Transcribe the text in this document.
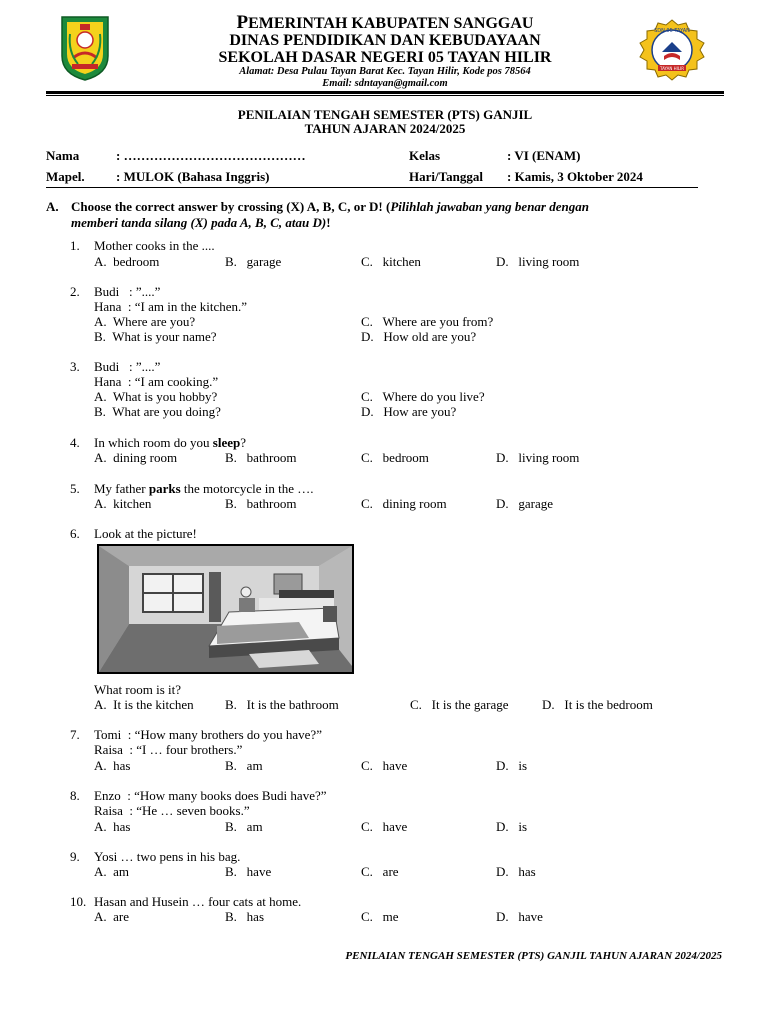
SDN 05 TAYAN
TAYAN HILIR
PEMERINTAH KABUPATEN SANGGAU
DINAS PENDIDIKAN DAN KEBUDAYAAN
SEKOLAH DASAR NEGERI 05 TAYAN HILIR
Alamat: Desa Pulau Tayan Barat Kec. Tayan Hilir, Kode pos 78564
Email: sdntayan@gmail.com
PENILAIAN TENGAH SEMESTER (PTS) GANJIL
TAHUN AJARAN 2024/2025
Nama	: ……………………………………	Kelas	: VI (ENAM)
Mapel. : MULOK (Bahasa Inggris)	Hari/Tanggal : Kamis, 3 Oktober 2024
A. Choose the correct answer by crossing (X) A, B, C, or D! (Pilihlah jawaban yang benar dengan
memberi tanda silang (X) pada A, B, C, atau D)!
1. Mother cooks in the ....
A. bedroom	B. garage	C. kitchen	D. living room
2. Budi   : ”....”
Hana  : “I am in the kitchen.”
A. Where are you?
B. What is your name?
C. Where are you from?
D. How old are you?
3. Budi   : ”....”
Hana  : “I am cooking.”
A. What is you hobby?
B. What are you doing?
C. Where do you live?
D. How are you?
4. In which room do you sleep?
A. dining room	B. bathroom	C. bedroom	D. living room
5. My father parks the motorcycle in the ….
A. kitchen	B. bathroom	C. dining room	D. garage
6. Look at the picture!
What room is it?
A. It is the kitchen B. It is the bathroom	C. It is the garage	D. It is the bedroom
7. Tomi  : “How many brothers do you have?”
Raisa  : “I … four brothers.”
A. has	B. am	C. have	D. is
8. Enzo  : “How many books does Budi have?”
Raisa  : “He … seven books.”
A. has	B. am	C. have	D. is
9. Yosi … two pens in his bag.
A. am	B. have	C. are	D. has
10. Hasan and Husein … four cats at home.
A. are	B. has	C. me	D. have
PENILAIAN TENGAH SEMESTER (PTS) GANJIL TAHUN AJARAN 2024/2025
